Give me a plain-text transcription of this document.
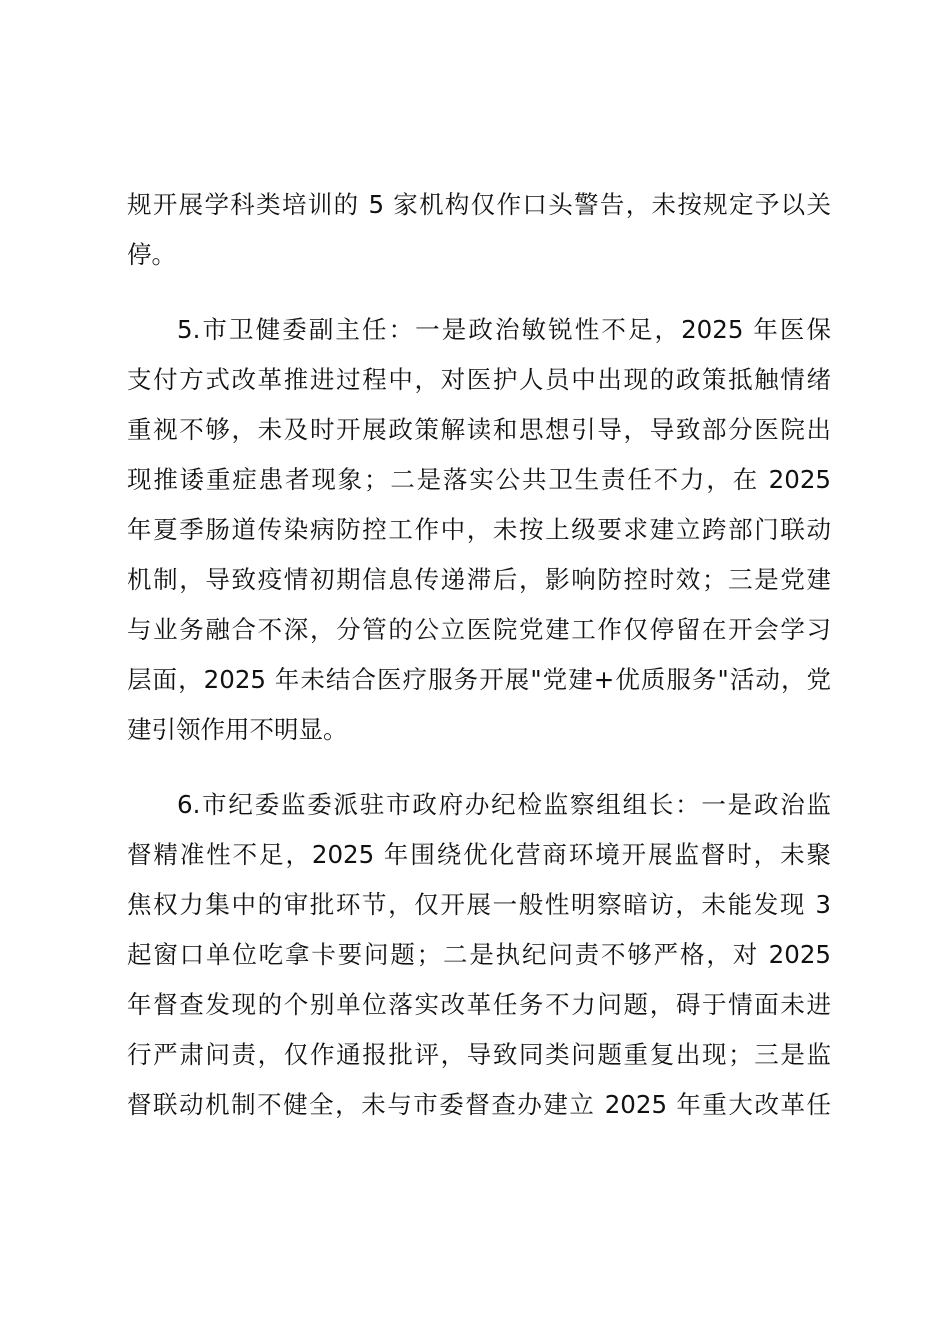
规开展学科类培训的 5 家机构仅作口头警告，未按规定予以关
停。
5.市卫健委副主任：一是政治敏锐性不足，2025 年医保
支付方式改革推进过程中，对医护人员中出现的政策抵触情绪
重视不够，未及时开展政策解读和思想引导，导致部分医院出
现推诿重症患者现象；二是落实公共卫生责任不力，在 2025
年夏季肠道传染病防控工作中，未按上级要求建立跨部门联动
机制，导致疫情初期信息传递滞后，影响防控时效；三是党建
与业务融合不深，分管的公立医院党建工作仅停留在开会学习
层面，2025 年未结合医疗服务开展"党建+优质服务"活动，党
建引领作用不明显。
6.市纪委监委派驻市政府办纪检监察组组长：一是政治监
督精准性不足，2025 年围绕优化营商环境开展监督时，未聚
焦权力集中的审批环节，仅开展一般性明察暗访，未能发现 3
起窗口单位吃拿卡要问题；二是执纪问责不够严格，对 2025
年督查发现的个别单位落实改革任务不力问题，碍于情面未进
行严肃问责，仅作通报批评，导致同类问题重复出现；三是监
督联动机制不健全，未与市委督查办建立 2025 年重大改革任
